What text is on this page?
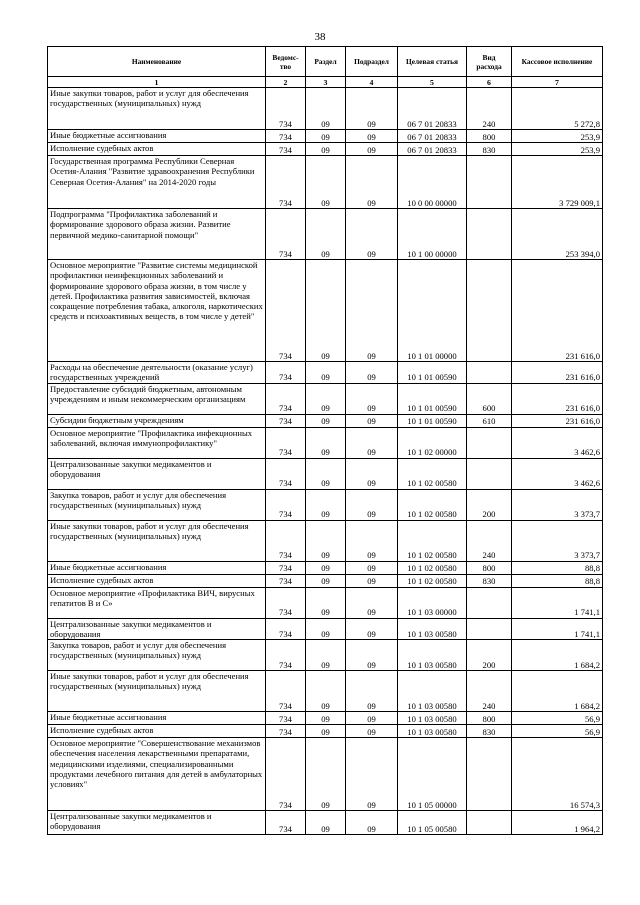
38
Наименование	Ведомс-тво	Раздел	Подраздел	Целевая статья	Вид расхода	Кассовое исполнение
1	2	3	4	5	6	7
Иные закупки товаров, работ и услуг для обеспечения государственных (муниципальных) нужд	734	09	09	06 7 01 20833	240	5 272,8
Иные бюджетные ассигнования	734	09	09	06 7 01 20833	800	253,9
Исполнение судебных актов	734	09	09	06 7 01 20833	830	253,9
Государственная программа Республики Северная Осетия-Алания "Развитие здравоохранения Республики Северная Осетия-Алания" на 2014-2020 годы	734	09	09	10 0 00 00000		3 729 009,1
Подпрограмма "Профилактика заболеваний и формирование здорового образа жизни. Развитие первичной медико-санитарной помощи"	734	09	09	10 1 00 00000		253 394,0
Основное мероприятие "Развитие системы медицинской профилактики неинфекционных заболеваний и формирование здорового образа жизни, в том числе у детей. Профилактика развития зависимостей, включая сокращение потребления табака, алкоголя, наркотических средств и психоактивных веществ, в том числе у детей"	734	09	09	10 1 01 00000		231 616,0
Расходы на обеспечение деятельности (оказание услуг) государственных учреждений	734	09	09	10 1 01 00590		231 616,0
Предоставление субсидий бюджетным, автономным учреждениям и иным некоммерческим организациям	734	09	09	10 1 01 00590	600	231 616,0
Субсидии бюджетным учреждениям	734	09	09	10 1 01 00590	610	231 616,0
Основное мероприятие "Профилактика инфекционных заболеваний, включая иммунопрофилактику"	734	09	09	10 1 02 00000		3 462,6
Централизованные закупки медикаментов и оборудования	734	09	09	10 1 02 00580		3 462,6
Закупка товаров, работ и услуг для обеспечения государственных (муниципальных) нужд	734	09	09	10 1 02 00580	200	3 373,7
Иные закупки товаров, работ и услуг для обеспечения государственных (муниципальных) нужд	734	09	09	10 1 02 00580	240	3 373,7
Иные бюджетные ассигнования	734	09	09	10 1 02 00580	800	88,8
Исполнение судебных актов	734	09	09	10 1 02 00580	830	88,8
Основное мероприятие «Профилактика ВИЧ, вирусных гепатитов В и С»	734	09	09	10 1 03 00000		1 741,1
Централизованные закупки медикаментов и оборудования	734	09	09	10 1 03 00580		1 741,1
Закупка товаров, работ и услуг для обеспечения государственных (муниципальных) нужд	734	09	09	10 1 03 00580	200	1 684,2
Иные закупки товаров, работ и услуг для обеспечения государственных (муниципальных) нужд	734	09	09	10 1 03 00580	240	1 684,2
Иные бюджетные ассигнования	734	09	09	10 1 03 00580	800	56,9
Исполнение судебных актов	734	09	09	10 1 03 00580	830	56,9
Основное мероприятие "Совершенствование механизмов обеспечения населения лекарственными препаратами, медицинскими изделиями, специализированными продуктами лечебного питания для детей в амбулаторных условиях"	734	09	09	10 1 05 00000		16 574,3
Централизованные закупки медикаментов и оборудования	734	09	09	10 1 05 00580		1 964,2
